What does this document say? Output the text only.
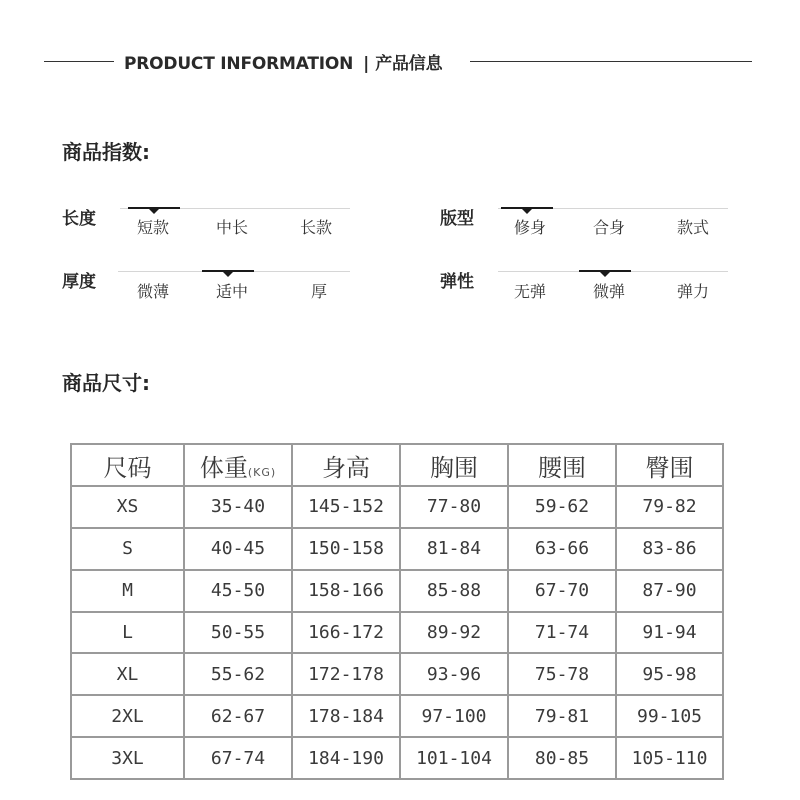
PRODUCT INFORMATION | 产品信息
商品指数:
长度	短款	中长	长款	版型	修身	合身	款式
厚度	微薄	适中	厚	弹性	无弹	微弹	弹力
商品尺寸:
尺码	体重(KG)	身高	胸围	腰围	臀围
XS	35-40	145-152	77-80	59-62	79-82
S	40-45	150-158	81-84	63-66	83-86
M	45-50	158-166	85-88	67-70	87-90
L	50-55	166-172	89-92	71-74	91-94
XL	55-62	172-178	93-96	75-78	95-98
2XL	62-67	178-184	97-100	79-81	99-105
3XL	67-74	184-190	101-104	80-85	105-110
